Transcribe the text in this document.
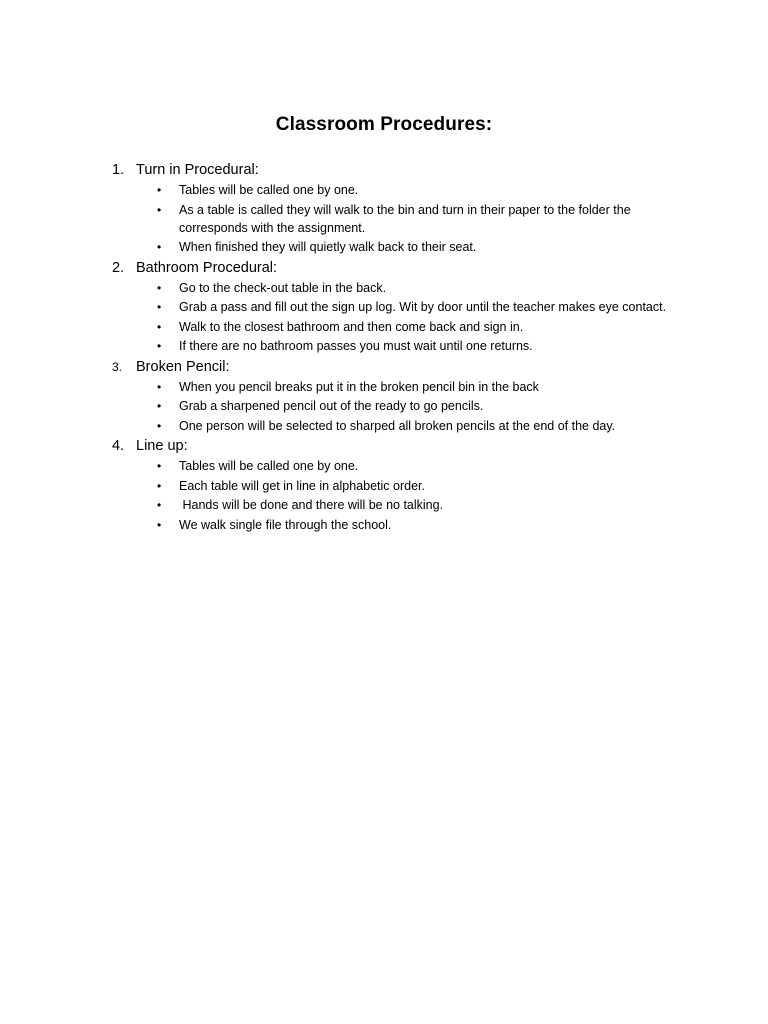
Classroom Procedures:
1. Turn in Procedural:
•	Tables will be called one by one.
•	As a table is called they will walk to the bin and turn in their paper to the folder the corresponds with the assignment.
•	When finished they will quietly walk back to their seat.
2. Bathroom Procedural:
•	Go to the check-out table in the back.
•	Grab a pass and fill out the sign up log. Wit by door until the teacher makes eye contact.
•	Walk to the closest bathroom and then come back and sign in.
•	If there are no bathroom passes you must wait until one returns.
3. Broken Pencil:
•	When you pencil breaks put it in the broken pencil bin in the back
•	Grab a sharpened pencil out of the ready to go pencils.
•	One person will be selected to sharped all broken pencils at the end of the day.
4. Line up:
•	Tables will be called one by one.
•	Each table will get in line in alphabetic order.
•	Hands will be done and there will be no talking.
•	We walk single file through the school.
